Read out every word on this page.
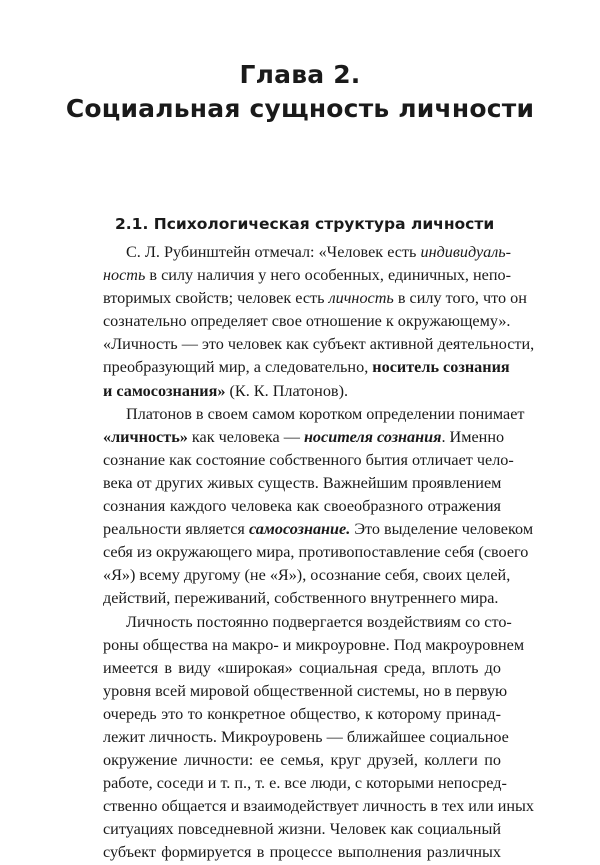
Глава 2.
Социальная сущность личности
2.1. Психологическая структура личности
С. Л. Рубинштейн отмечал: «Человек есть индивидуаль-
ность в силу наличия у него особенных, единичных, непо-
вторимых свойств; человек есть личность в силу того, что он
сознательно определяет свое отношение к окружающему».
«Личность — это человек как субъект активной деятельности,
преобразующий мир, а следовательно, носитель сознания
и самосознания» (К. К. Платонов).
Платонов в своем самом коротком определении понимает
«личность» как человека — носителя сознания. Именно
сознание как состояние собственного бытия отличает чело-
века от других живых существ. Важнейшим проявлением
сознания каждого человека как своеобразного отражения
реальности является самосознание. Это выделение человеком
себя из окружающего мира, противопоставление себя (своего
«Я») всему другому (не «Я»), осознание себя, своих целей,
действий, переживаний, собственного внутреннего мира.
Личность постоянно подвергается воздействиям со сто-
роны общества на макро- и микроуровне. Под макроуровнем
имеется в виду «широкая» социальная среда, вплоть до
уровня всей мировой общественной системы, но в первую
очередь это то конкретное общество, к которому принад-
лежит личность. Микроуровень — ближайшее социальное
окружение личности: ее семья, круг друзей, коллеги по
работе, соседи и т. п., т. е. все люди, с которыми непосред-
ственно общается и взаимодействует личность в тех или иных
ситуациях повседневной жизни. Человек как социальный
субъект формируется в процессе выполнения различных
